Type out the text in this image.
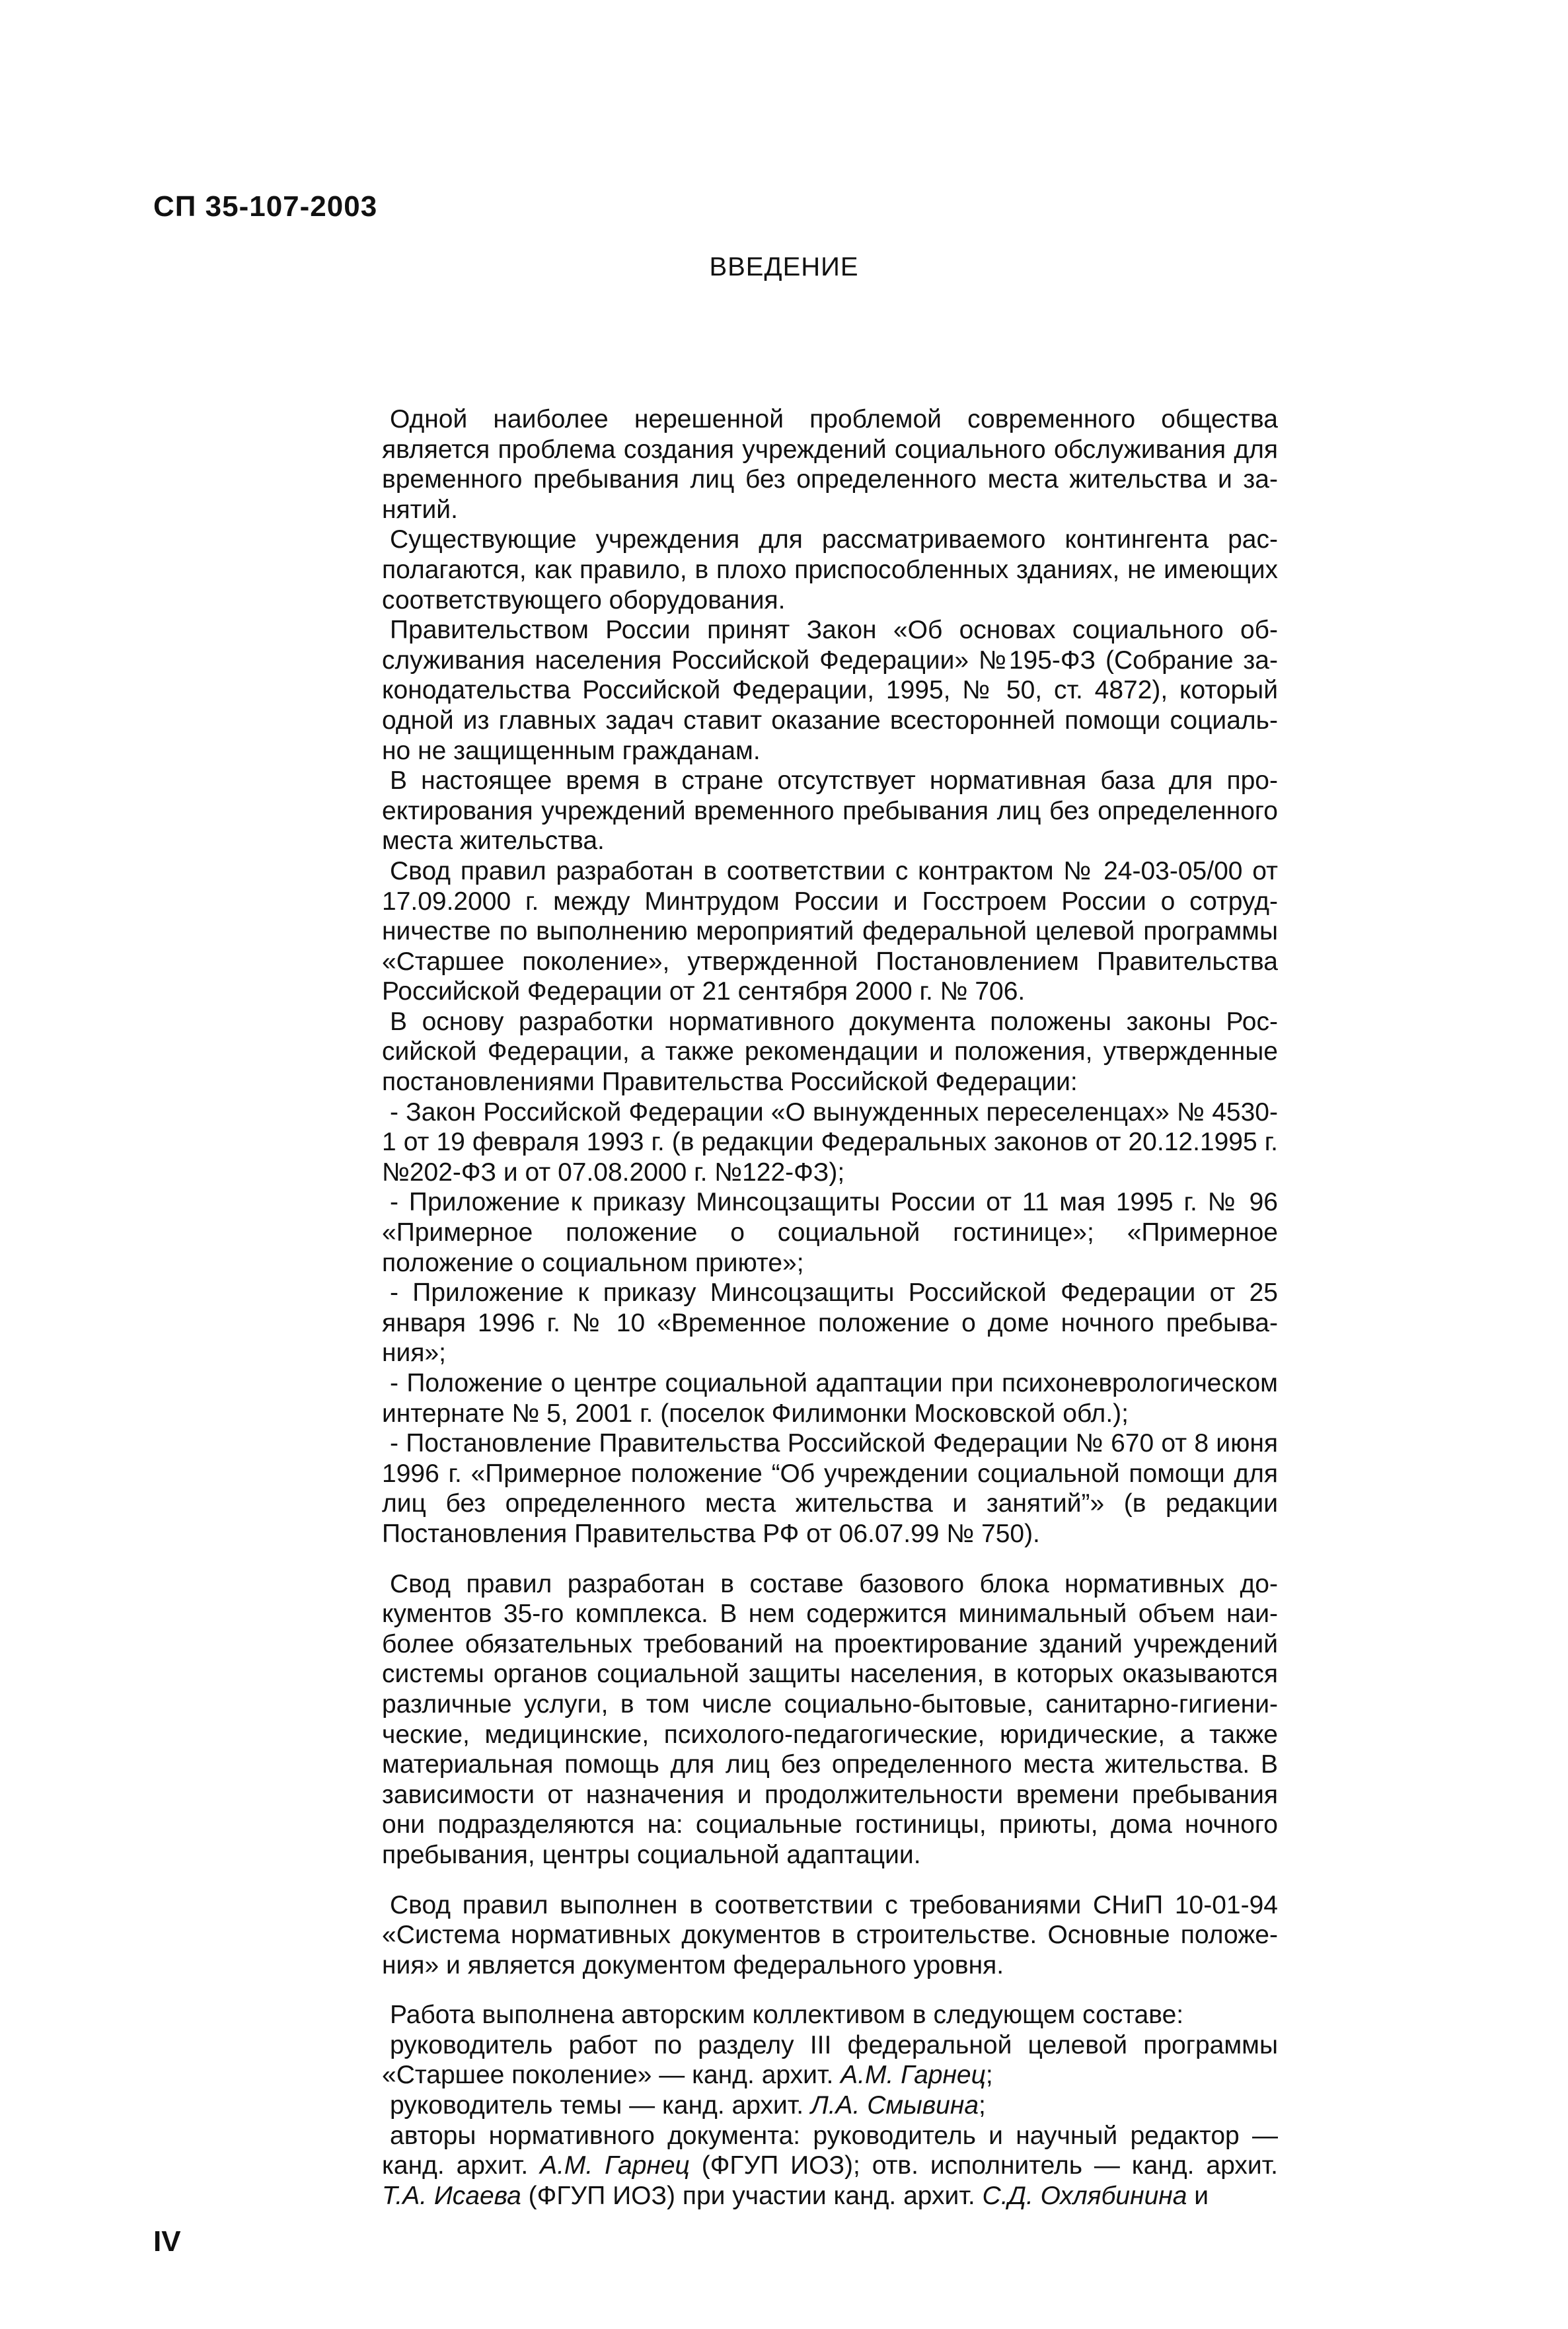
СП 35-107-2003
ВВЕДЕНИЕ

Одной наиболее нерешенной проблемой современного общества является проблема создания учреждений социального обслуживания для временного пребывания лиц без определенного места жительства и занятий.

Существующие учреждения для рассматриваемого контингента располагаются, как правило, в плохо приспособленных зданиях, не имеющих соответствующего оборудования.

Правительством России принят Закон «Об основах социального обслуживания населения Российской Федерации» №195-ФЗ (Собрание законодательства Российской Федерации, 1995, № 50, ст. 4872), который одной из главных задач ставит оказание всесторонней помощи социально не защищенным гражданам.

В настоящее время в стране отсутствует нормативная база для проектирования учреждений временного пребывания лиц без определенного места жительства.

Свод правил разработан в соответствии с контрактом № 24-03-05/00 от 17.09.2000 г. между Минтрудом России и Госстроем России о сотрудничестве по выполнению мероприятий федеральной целевой программы «Старшее поколение», утвержденной Постановлением Правительства Российской Федерации от 21 сентября 2000 г. № 706.

В основу разработки нормативного документа положены законы Российской Федерации, а также рекомендации и положения, утвержденные постановлениями Правительства Российской Федерации:

- Закон Российской Федерации «О вынужденных переселенцах» № 4530-1 от 19 февраля 1993 г. (в редакции Федеральных законов от 20.12.1995 г. №202-ФЗ и от 07.08.2000 г. №122-ФЗ);

- Приложение к приказу Минсоцзащиты России от 11 мая 1995 г. № 96 «Примерное положение о социальной гостинице»; «Примерное положение о социальном приюте»;

- Приложение к приказу Минсоцзащиты Российской Федерации от 25 января 1996 г. № 10 «Временное положение о доме ночного пребывания»;

- Положение о центре социальной адаптации при психоневрологическом интернате № 5, 2001 г. (поселок Филимонки Московской обл.);

- Постановление Правительства Российской Федерации № 670 от 8 июня 1996 г. «Примерное положение “Об учреждении социальной помощи для лиц без определенного места жительства и занятий”» (в редакции Постановления Правительства РФ от 06.07.99 № 750).

Свод правил разработан в составе базового блока нормативных документов 35-го комплекса. В нем содержится минимальный объем наиболее обязательных требований на проектирование зданий учреждений системы органов социальной защиты населения, в которых оказываются различные услуги, в том числе социально-бытовые, санитарно-гигиенические, медицинские, психолого-педагогические, юридические, а также материальная помощь для лиц без определенного места жительства. В зависимости от назначения и продолжительности времени пребывания они подразделяются на: социальные гостиницы, приюты, дома ночного пребывания, центры социальной адаптации.

Свод правил выполнен в соответствии с требованиями СНиП 10-01-94 «Система нормативных документов в строительстве. Основные положения» и является документом федерального уровня.

Работа выполнена авторским коллективом в следующем составе:

руководитель работ по разделу III федеральной целевой программы «Старшее поколение» — канд. архит. А.М. Гарнец;

руководитель темы — канд. архит. Л.А. Смывина;

авторы нормативного документа: руководитель и научный редактор — канд. архит. А.М. Гарнец (ФГУП ИОЗ); отв. исполнитель — канд. архит. Т.А. Исаева (ФГУП ИОЗ) при участии канд. архит. С.Д. Охлябинина и

IV
